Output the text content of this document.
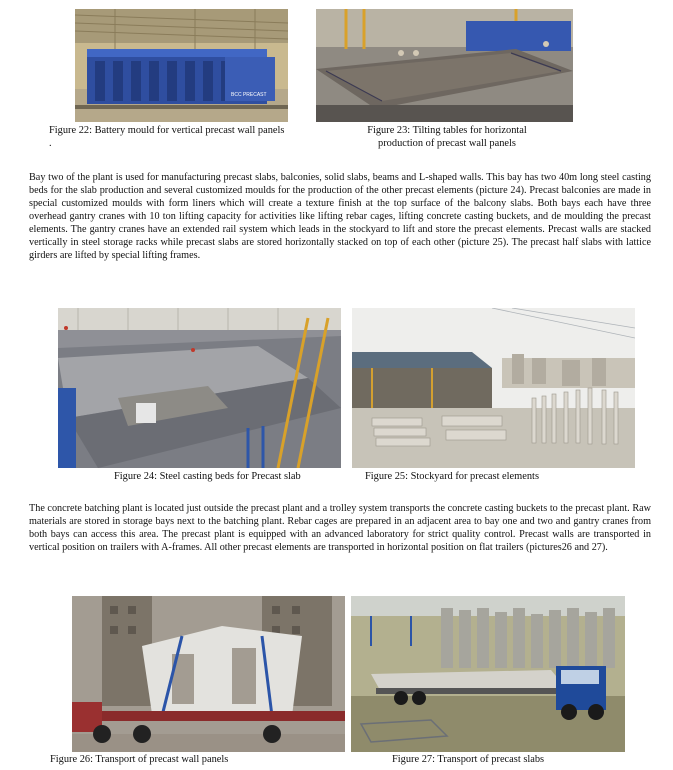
BCC PRECAST
Figure 22: Battery mould for vertical precast wall panels
.
Figure 23: Tilting tables for horizontal
production of precast wall panels

Bay two of the plant is used for manufacturing precast slabs, balconies, solid slabs, beams and L-shaped walls. This bay has two 40m long steel casting beds for the slab production and several customized moulds for the production of the other precast elements (picture 24). Precast balconies are made in special customized moulds with form liners which will create a texture finish at the top surface of the balcony slabs. Both bays each have three overhead gantry cranes with 10 ton lifting capacity for activities like lifting rebar cages, lifting concrete casting buckets, and de moulding the precast elements. The gantry cranes have an extended rail system which leads in the stockyard to lift and store the precast elements. Precast walls are stacked vertically in steel storage racks while precast slabs are stored horizontally stacked on top of each other (picture 25). The precast half slabs with lattice girders are lifted by special lifting frames.

Figure 24: Steel casting beds for Precast slab	Figure 25: Stockyard for precast elements

The concrete batching plant is located just outside the precast plant and a trolley system transports the concrete casting buckets to the precast plant. Raw materials are stored in storage bays next to the batching plant. Rebar cages are prepared in an adjacent area to bay one and two and gantry cranes from both bays can access this area. The precast plant is equipped with an advanced laboratory for strict quality control. Precast walls are transported in vertical position on trailers with A-frames. All other precast elements are transported in horizontal position on flat trailers (pictures26 and 27).

Figure 26: Transport of precast wall panels	Figure 27: Transport of precast slabs
